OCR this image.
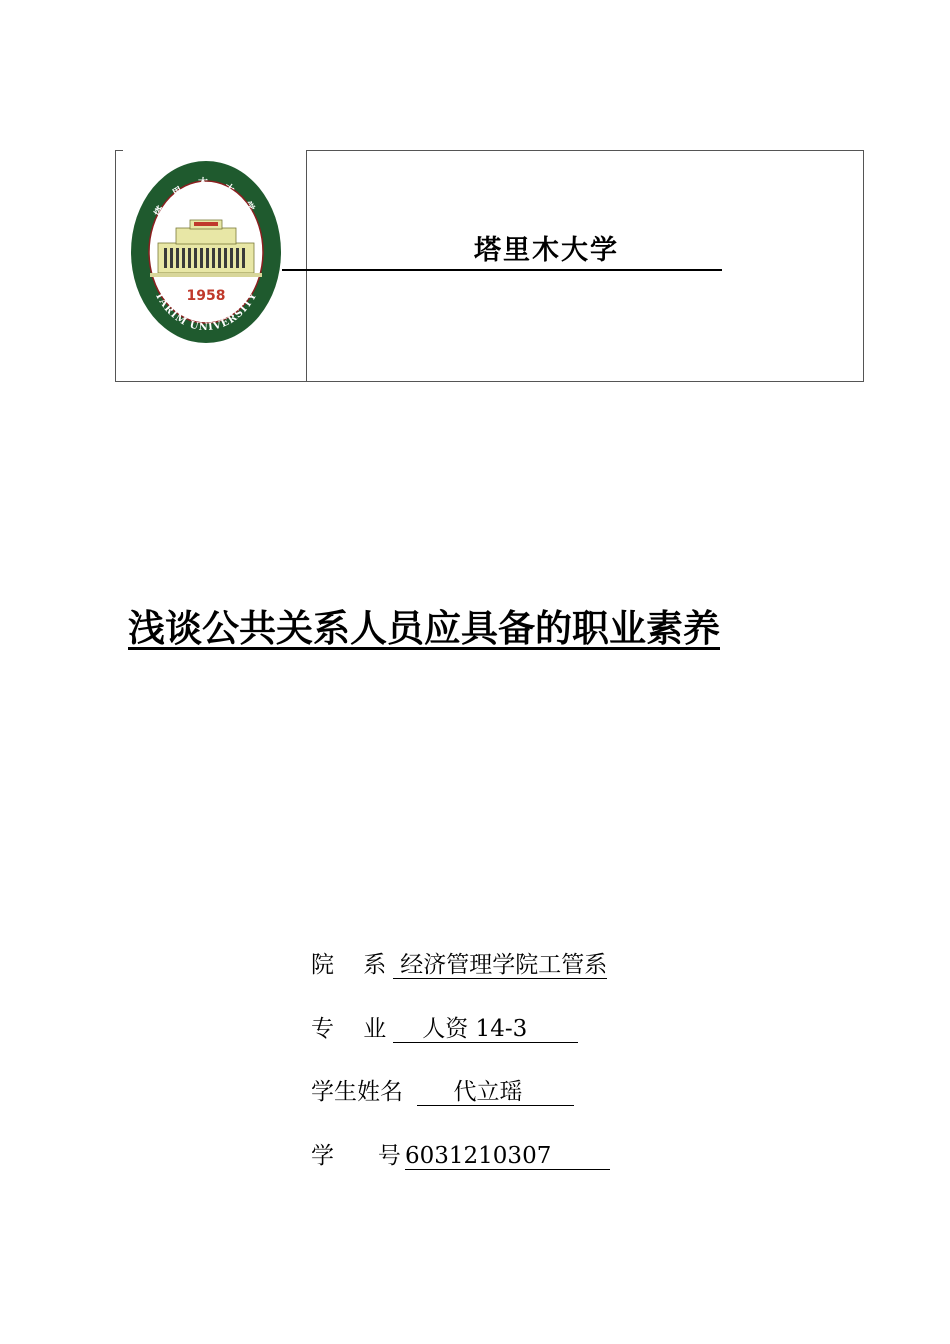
1958
塔 里 木 大 学
TARIM UNIVERSITY
塔里木大学
浅谈公共关系人员应具备的职业素养
院    系 经济管理学院工管系
专    业    人资 14-3
学生姓名     代立瑶
学      号 6031210307
